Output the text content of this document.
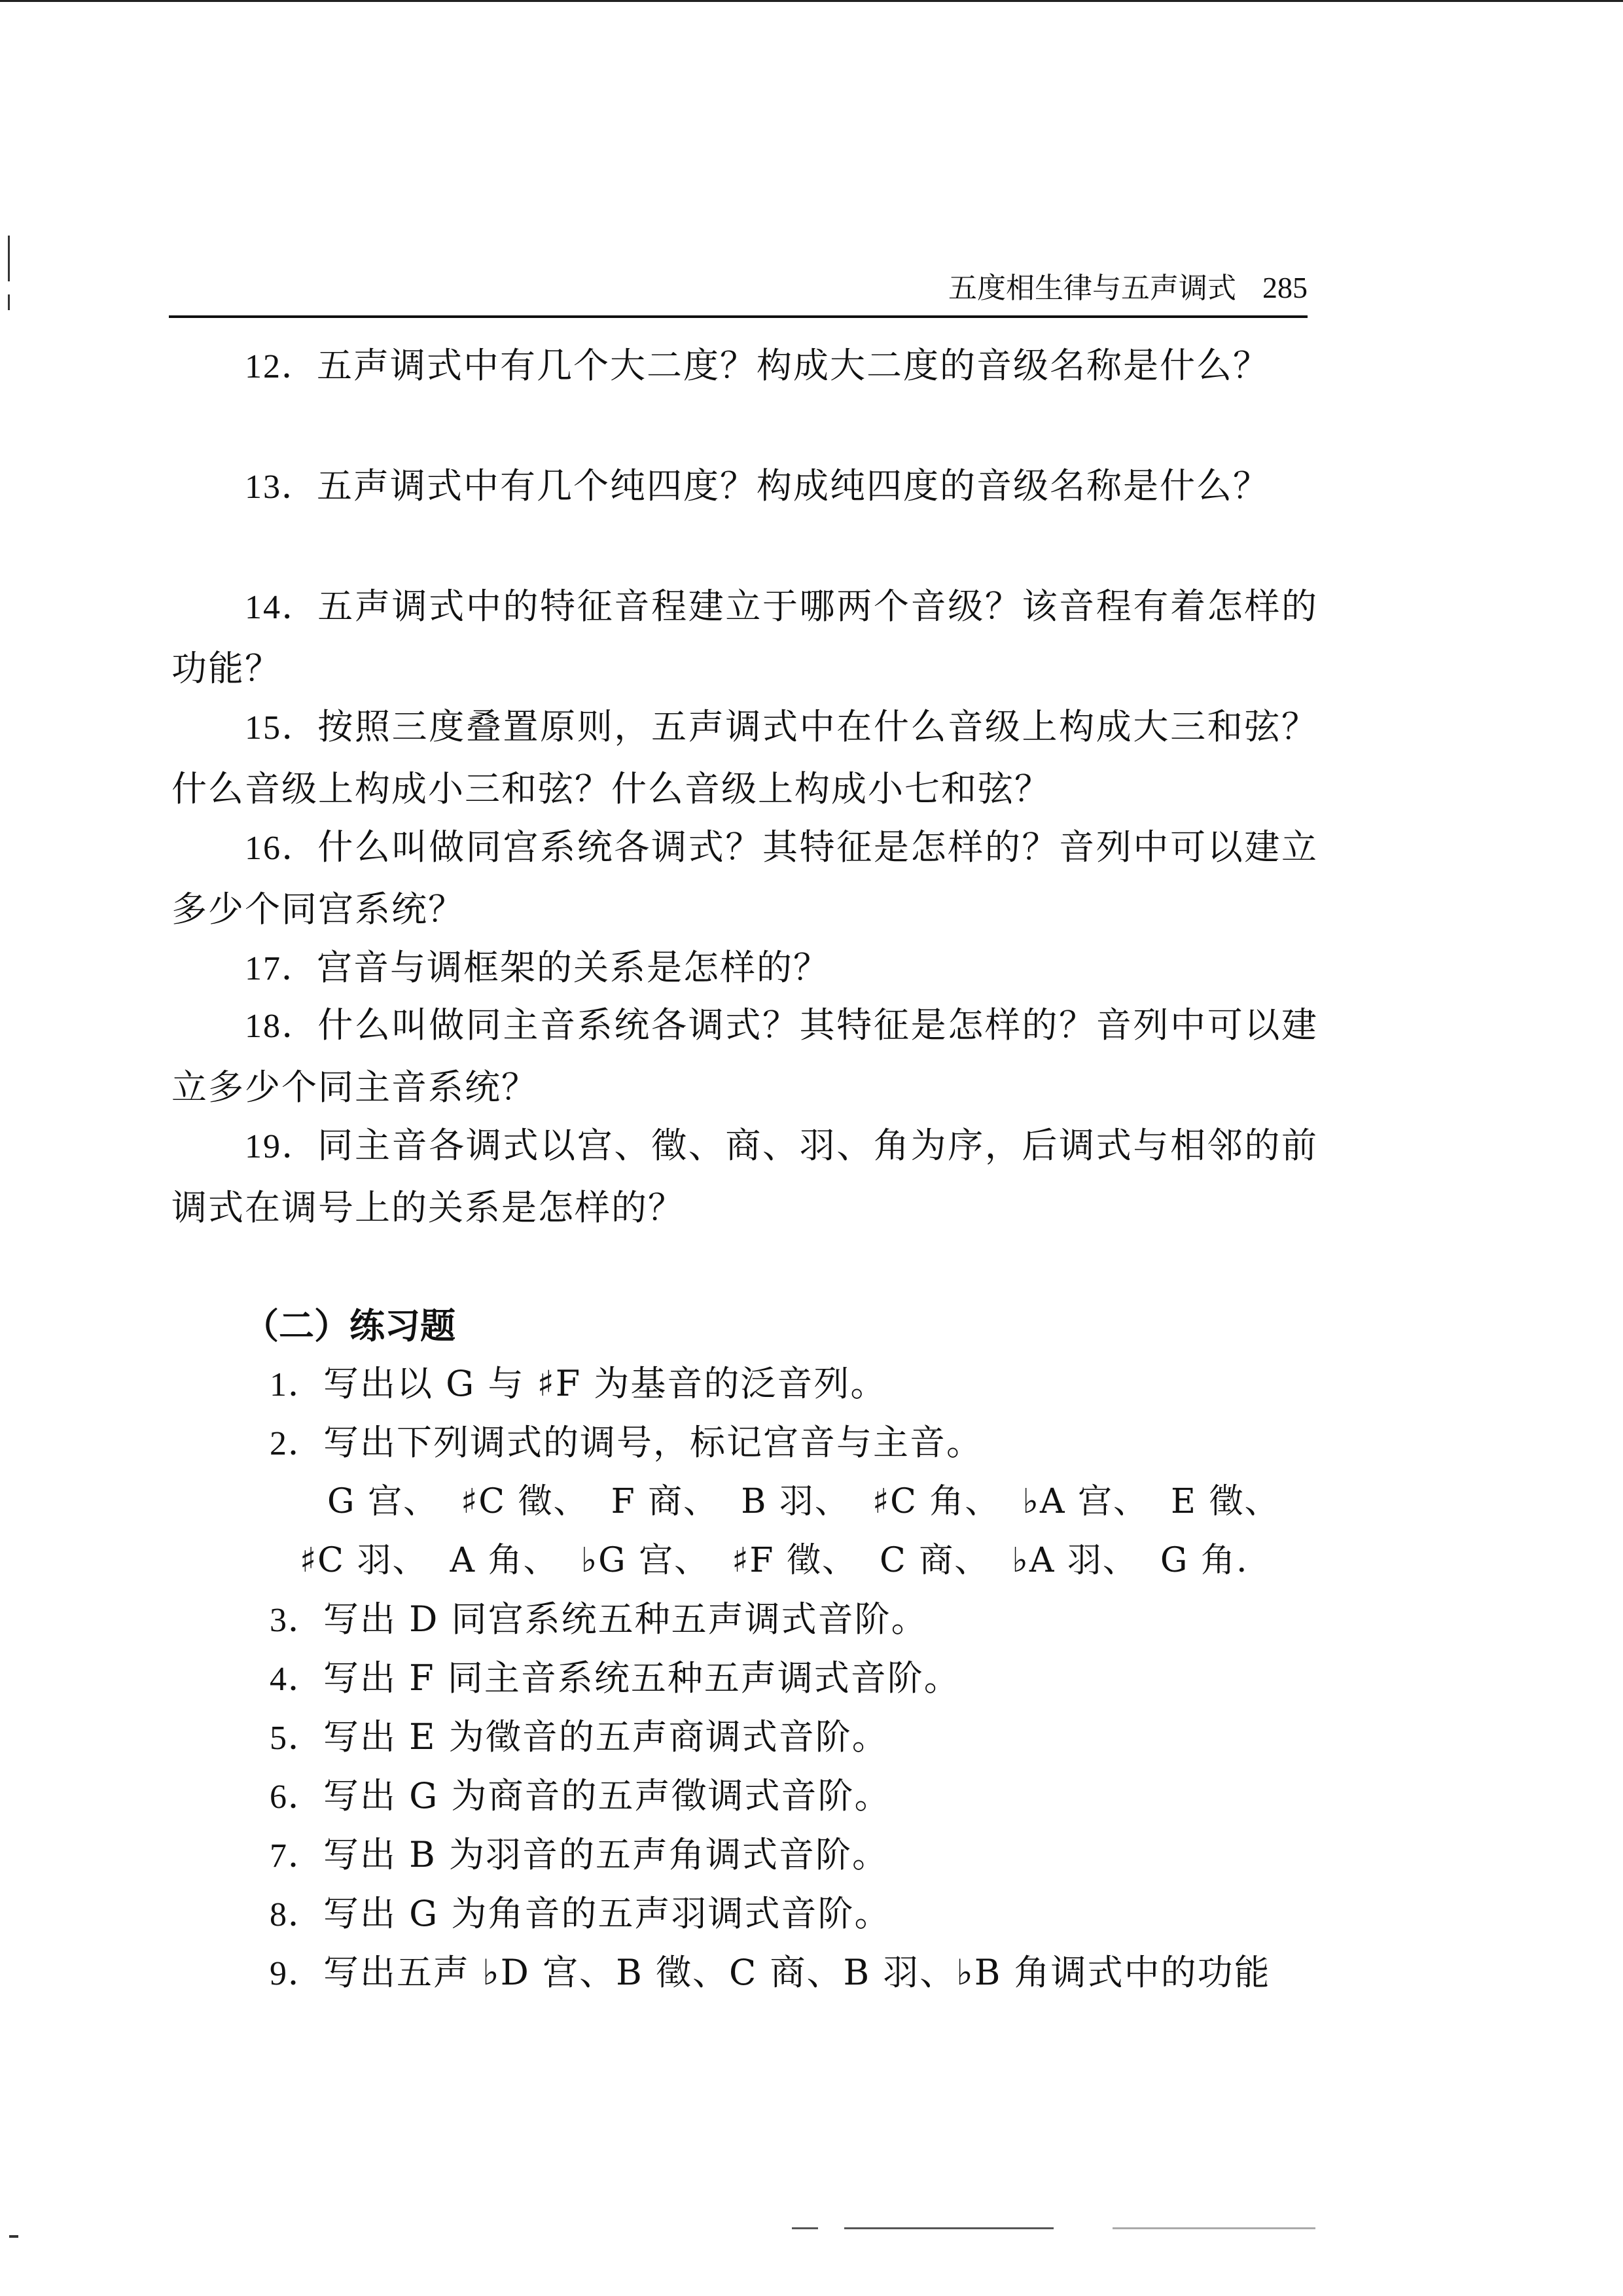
五度相生律与五声调式 285
12．五声调式中有几个大二度？构成大二度的音级名称是什么？
13．五声调式中有几个纯四度？构成纯四度的音级名称是什么？
14．五声调式中的特征音程建立于哪两个音级？该音程有着怎样的功能？
15．按照三度叠置原则，五声调式中在什么音级上构成大三和弦？什么音级上构成小三和弦？什么音级上构成小七和弦？
16．什么叫做同宫系统各调式？其特征是怎样的？音列中可以建立多少个同宫系统？
17．宫音与调框架的关系是怎样的？
18．什么叫做同主音系统各调式？其特征是怎样的？音列中可以建立多少个同主音系统？
19．同主音各调式以宫、徵、商、羽、角为序，后调式与相邻的前调式在调号上的关系是怎样的？
（二）练习题
1．写出以 G 与 ♯F 为基音的泛音列。
2．写出下列调式的调号，标记宫音与主音。
G 宫、 ♯C 徵、 F 商、 B 羽、 ♯C 角、 ♭A 宫、 E 徵、
♯C 羽、 A 角、 ♭G 宫、 ♯F 徵、 C 商、 ♭A 羽、 G 角.
3．写出 D 同宫系统五种五声调式音阶。
4．写出 F 同主音系统五种五声调式音阶。
5．写出 E 为徵音的五声商调式音阶。
6．写出 G 为商音的五声徵调式音阶。
7．写出 B 为羽音的五声角调式音阶。
8．写出 G 为角音的五声羽调式音阶。
9．写出五声 ♭D 宫、B 徵、C 商、B 羽、♭B 角调式中的功能
